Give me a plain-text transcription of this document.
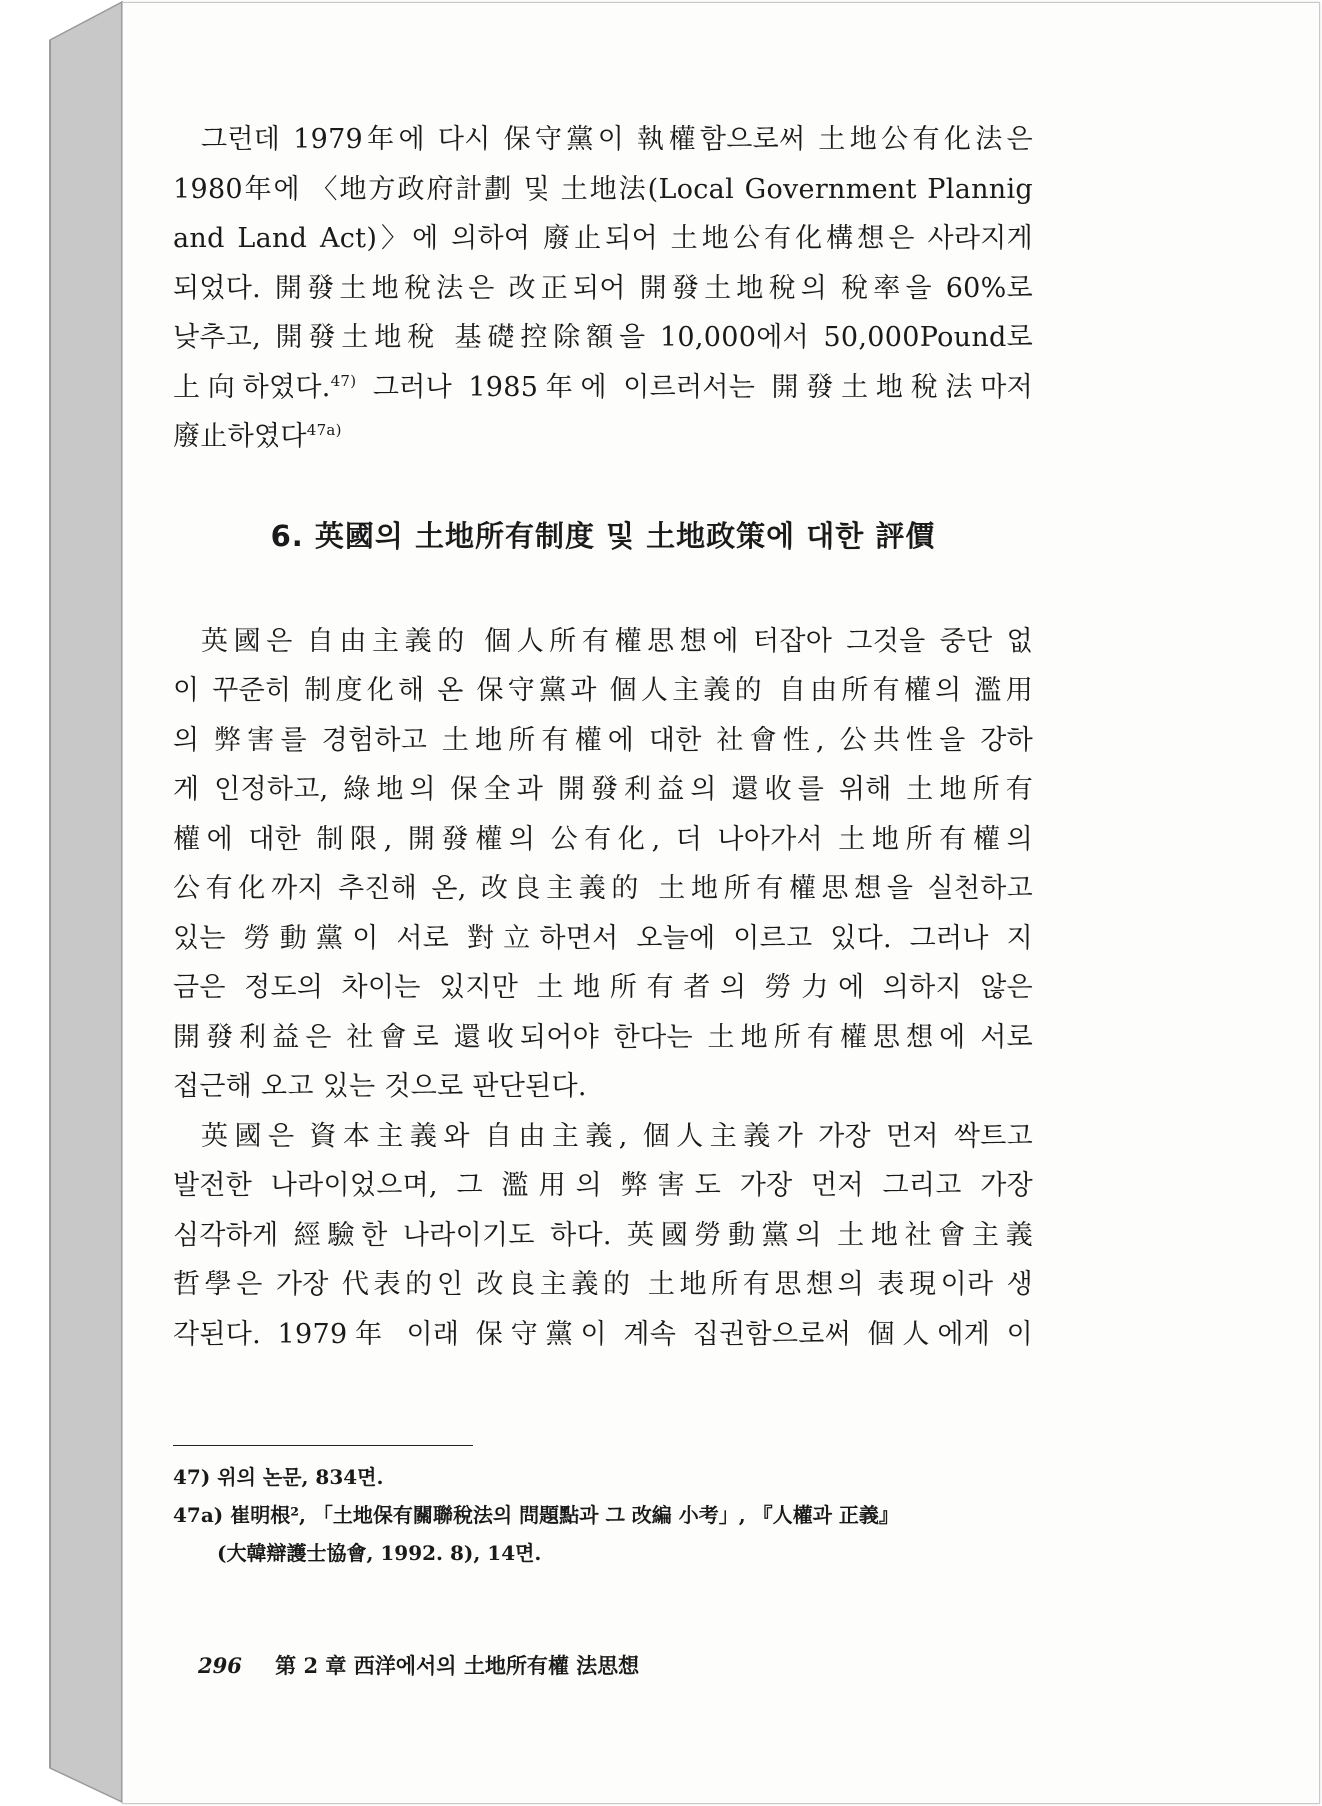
그런데 1979年에 다시 保守黨이 執權함으로써 土地公有化法은
1980年에 〈地方政府計劃 및 土地法(Local Government Plannig
and Land Act)〉에 의하여 廢止되어 土地公有化構想은 사라지게
되었다. 開發土地稅法은 改正되어 開發土地稅의 稅率을 60%로
낮추고, 開發土地稅 基礎控除額을 10,000에서 50,000Pound로
上向하였다.$^{47)}$ 그러나 1985年에 이르러서는 開發土地稅法마저
廢止하였다$^{47a)}$

6. 英國의 土地所有制度 및 土地政策에 대한 評價

英國은 自由主義的 個人所有權思想에 터잡아 그것을 중단 없
이 꾸준히 制度化해 온 保守黨과 個人主義的 自由所有權의 濫用
의 弊害를 경험하고 土地所有權에 대한 社會性, 公共性을 강하
게 인정하고, 綠地의 保全과 開發利益의 還收를 위해 土地所有
權에 대한 制限, 開發權의 公有化, 더 나아가서 土地所有權의
公有化까지 추진해 온, 改良主義的 土地所有權思想을 실천하고
있는 勞動黨이 서로 對立하면서 오늘에 이르고 있다. 그러나 지
금은 정도의 차이는 있지만 土地所有者의 勞力에 의하지 않은
開發利益은 社會로 還收되어야 한다는 土地所有權思想에 서로
접근해 오고 있는 것으로 판단된다.

英國은 資本主義와 自由主義, 個人主義가 가장 먼저 싹트고
발전한 나라이었으며, 그 濫用의 弊害도 가장 먼저 그리고 가장
심각하게 經驗한 나라이기도 하다. 英國勞動黨의 土地社會主義
哲學은 가장 代表的인 改良主義的 土地所有思想의 表現이라 생
각된다. 1979年 이래 保守黨이 계속 집권함으로써 個人에게 이

47) 위의 논문, 834면.

47a) 崔明根², 「土地保有關聯稅法의 問題點과 그 改編 小考」, 『人權과 正義』
(大韓辯護士協會, 1992. 8), 14면.

296 第 2 章 西洋에서의 土地所有權 法思想
